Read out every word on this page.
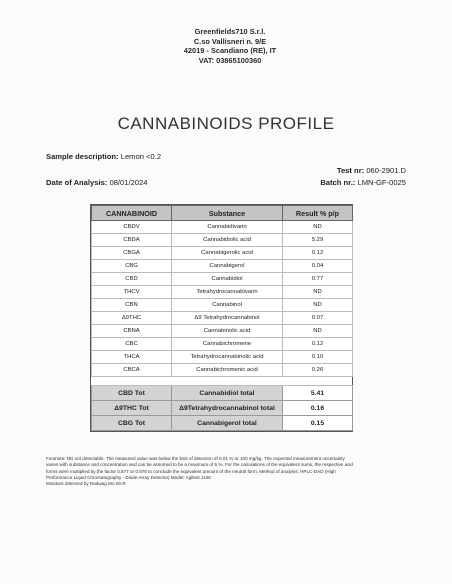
Greenfields710 S.r.l.
C.so Vallisneri n. 9/E
42019 - Scandiano (RE), IT
VAT: 03865100360
CANNABINOIDS PROFILE
Sample description: Lemon <0.2
Test nr: 060-2901.D
Date of Analysis: 08/01/2024	Batch nr.: LMN-GF-0025
CANNABINOID	Substance	Result % p/p
CBDV	Cannabidivarin	ND
CBDA	Cannabidiolic acid	5.29
CBGA	Cannabigerolic acid	0.12
CBG	Cannabigerol	0.04
CBD	Cannabidiol	0.77
THCV	Tetrahydrocannabivarin	ND
CBN	Cannabinol	ND
Δ9THC	Δ9 Tetrahydrocannabinol	0.07
CBNA	Cannabinolic acid	ND
CBC	Cannabichromene	0.12
THCA	Tetrahydrocannabinolic acid	0.10
CBCA	Cannabichromenic acid	0.26

CBD Tot	Cannabidiol total	5.41
Δ9THC Tot	Δ9Tetrahydrocannabinol total	0.16
CBG Tot	Cannabigerol total	0.15
Footnote: ND not detectable. The measured value was below the limit of detection of 0.01 % or 100 mg/kg. The expected measurement uncertainty
varies with substance and concentration and can be assumed to be a maximum of 5 %. For the calculations of the equivalent sums, the respective acid
forms were multiplied by the factor 0.877 or 0.878 to conclude the equivalent amount of the neutral form. Method of analysis: HPLC-DAD (High
Performance Liquid Chromatography - Diode Array Detector) Model: Agilent 1100
Moisture detected by Radwag MA 50.R
